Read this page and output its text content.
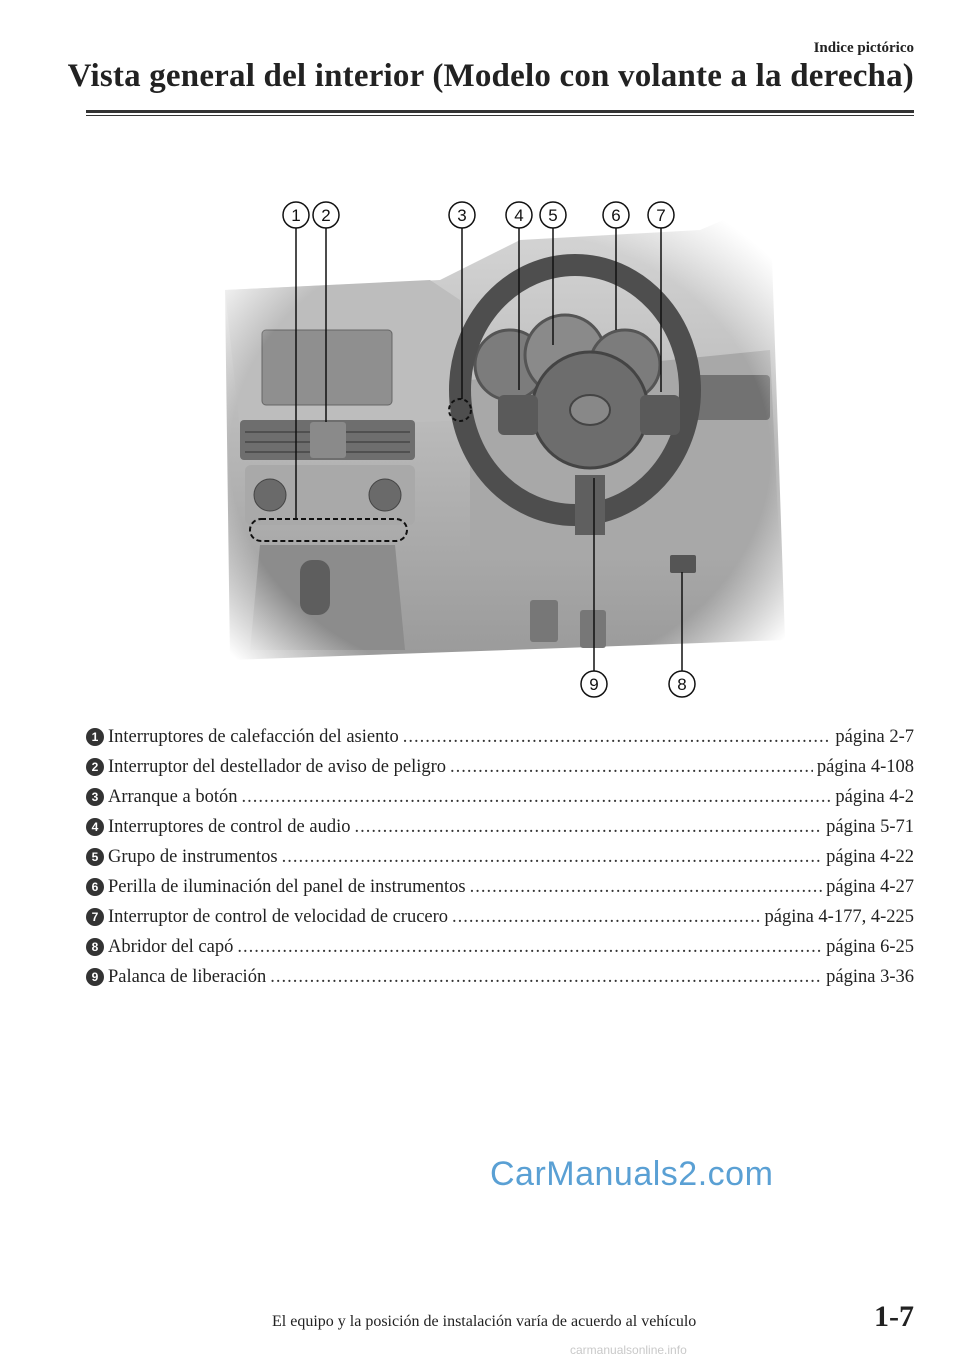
Indice pictórico
Vista general del interior (Modelo con volante a la derecha)
1 2	3	4 5	6 7
8
9
1 Interruptores de calefacción del asiento .....	página 2-7
2 Interruptor del destellador de aviso de peligro .....	página 4-108
3 Arranque a botón .....	página 4-2
4 Interruptores de control de audio .....	página 5-71
5 Grupo de instrumentos .....	página 4-22
6 Perilla de iluminación del panel de instrumentos .....	página 4-27
7 Interruptor de control de velocidad de crucero .....	página 4-177, 4-225
8 Abridor del capó .....	página 6-25
9 Palanca de liberación .....	página 3-36
CarManuals2.com
El equipo y la posición de instalación varía de acuerdo al vehículo	1-7
carmanualsonline.info
